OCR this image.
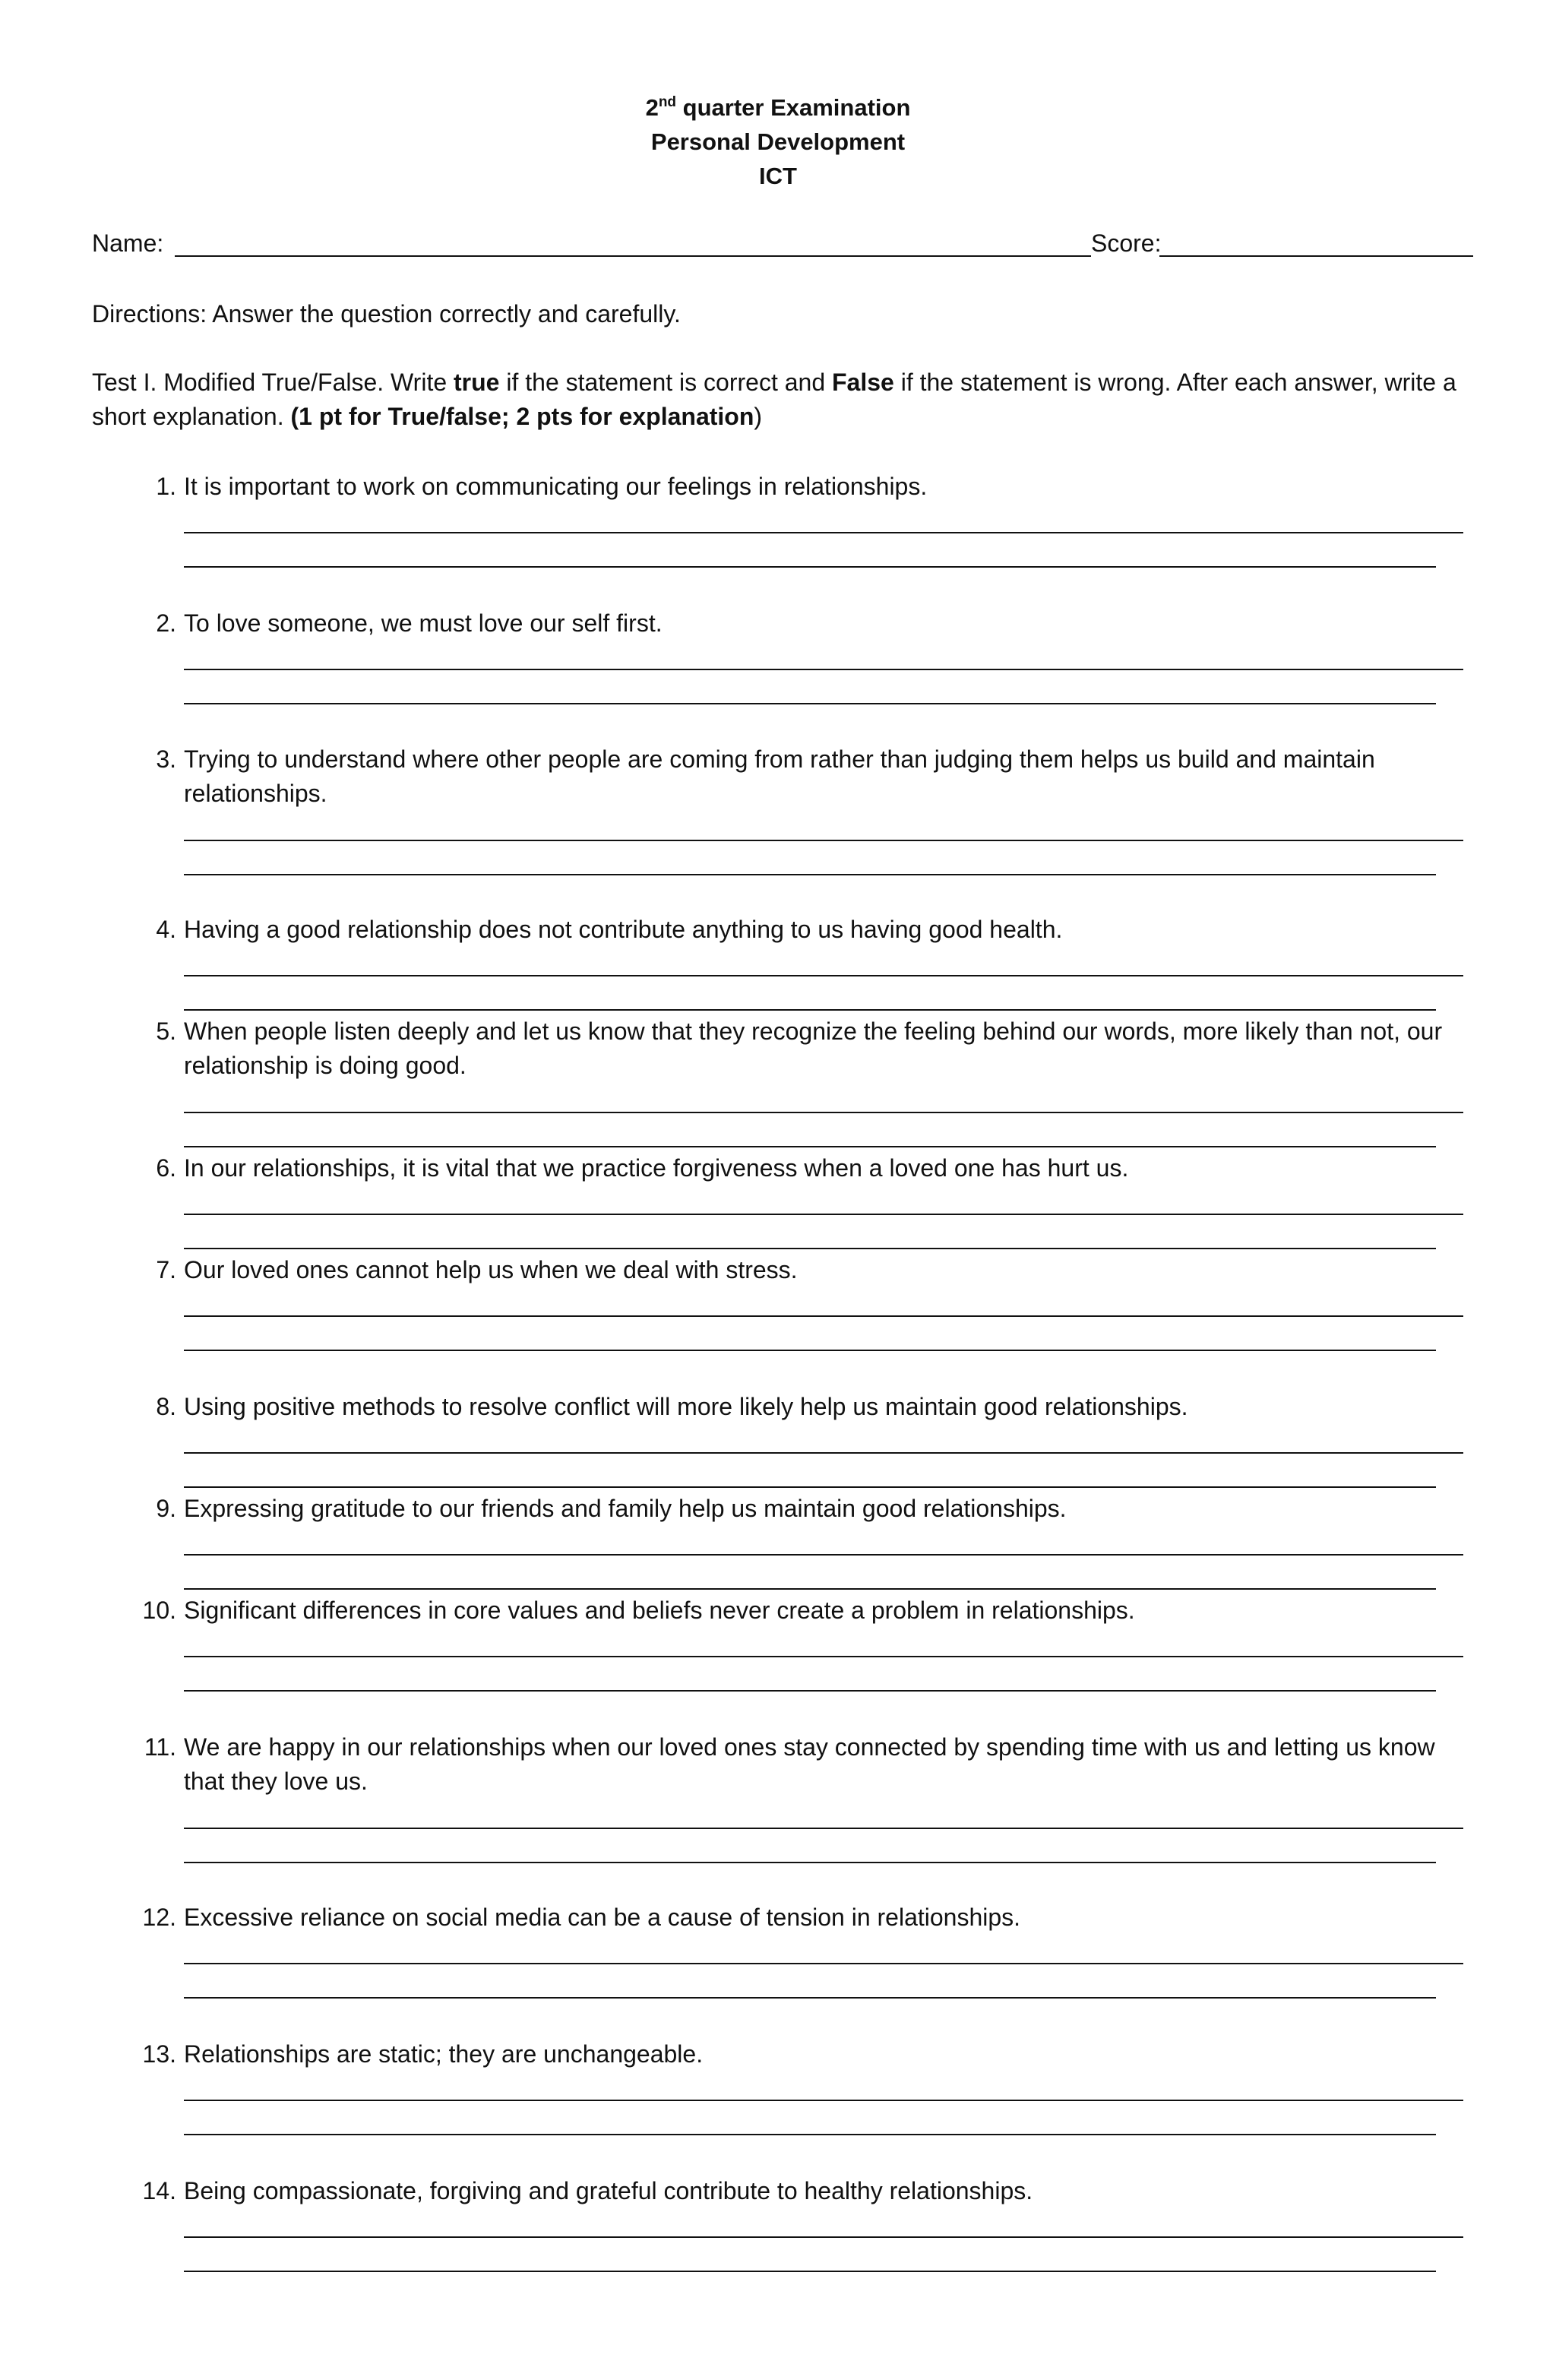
2nd quarter Examination
Personal Development
ICT
Name:	Score:
Directions: Answer the question correctly and carefully.
Test I. Modified True/False. Write true if the statement is correct and False if the statement is wrong. After each answer, write a short explanation. (1 pt for True/false; 2 pts for explanation)
1. It is important to work on communicating our feelings in relationships.
2. To love someone, we must love our self first.
3. Trying to understand where other people are coming from rather than judging them helps us build and maintain relationships.
4. Having a good relationship does not contribute anything to us having good health.
5. When people listen deeply and let us know that they recognize the feeling behind our words, more likely than not, our relationship is doing good.
6. In our relationships, it is vital that we practice forgiveness when a loved one has hurt us.
7. Our loved ones cannot help us when we deal with stress.
8. Using positive methods to resolve conflict will more likely help us maintain good relationships.
9. Expressing gratitude to our friends and family help us maintain good relationships.
10. Significant differences in core values and beliefs never create a problem in relationships.
11. We are happy in our relationships when our loved ones stay connected by spending time with us and letting us know that they love us.
12. Excessive reliance on social media can be a cause of tension in relationships.
13. Relationships are static; they are unchangeable.
14. Being compassionate, forgiving and grateful contribute to healthy relationships.
